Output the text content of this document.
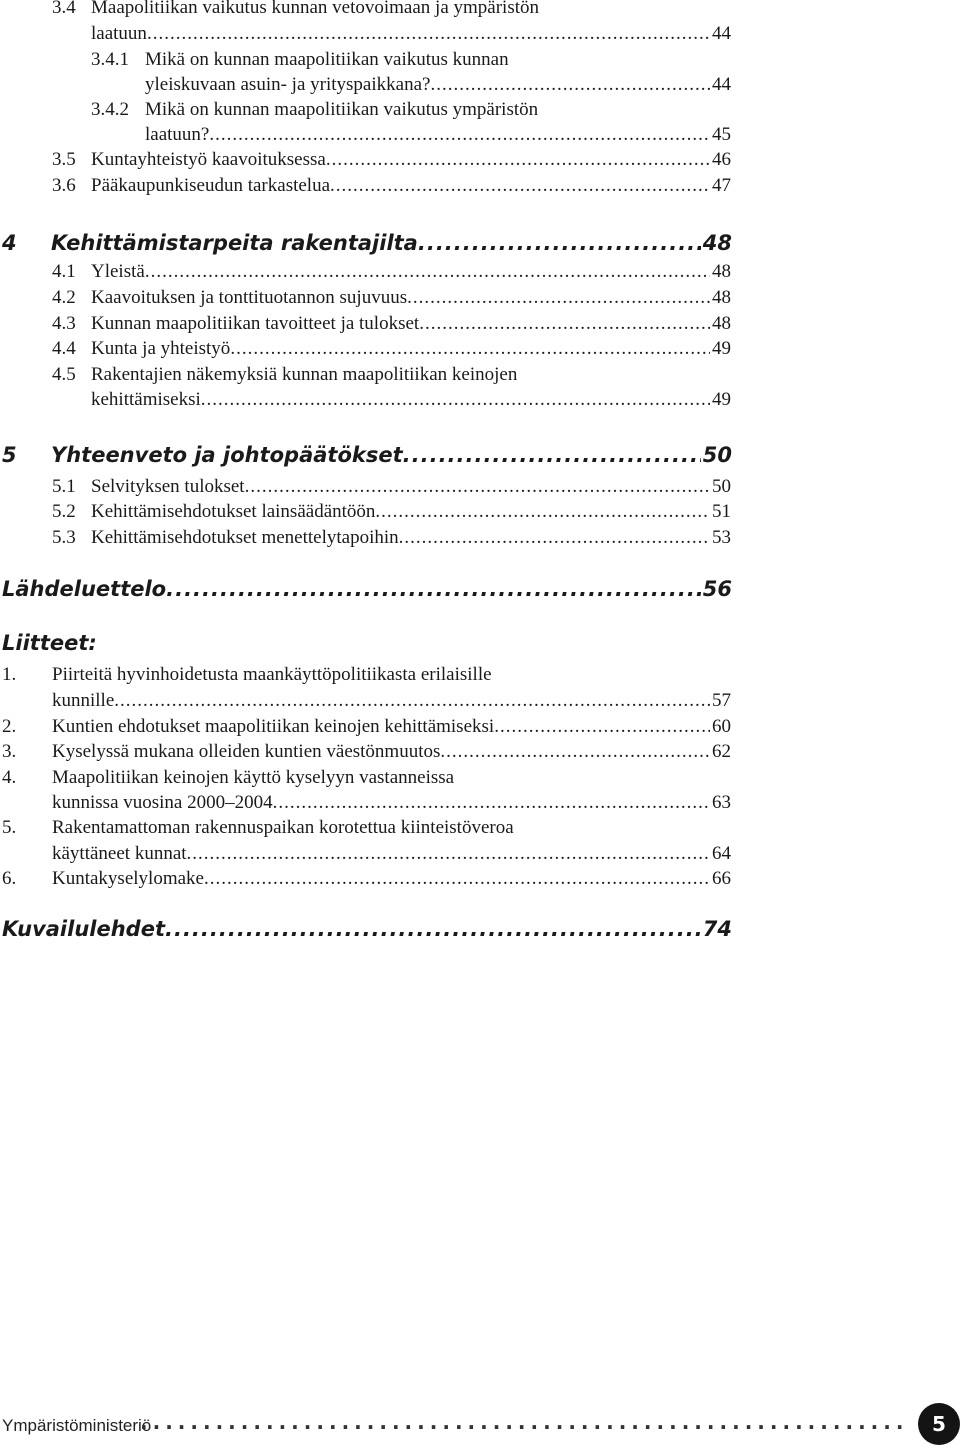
3.4 Maapolitiikan vaikutus kunnan vetovoimaan ja ympäristön
laatuun .....	44
3.4.1 Mikä on kunnan maapolitiikan vaikutus kunnan
yleiskuvaan asuin- ja yrityspaikkana? .....	44
3.4.2 Mikä on kunnan maapolitiikan vaikutus ympäristön
laatuun? .....	45
3.5 Kuntayhteistyö kaavoituksessa .....	46
3.6 Pääkaupunkiseudun tarkastelua .....	47
4 Kehittämistarpeita rakentajilta .....	48
4.1 Yleistä .....	48
4.2 Kaavoituksen ja tonttituotannon sujuvuus .....	48
4.3 Kunnan maapolitiikan tavoitteet ja tulokset .....	48
4.4 Kunta ja yhteistyö .....	49
4.5 Rakentajien näkemyksiä kunnan maapolitiikan keinojen
kehittämiseksi .....	49
5 Yhteenveto ja johtopäätökset .....	50
5.1 Selvityksen tulokset .....	50
5.2 Kehittämisehdotukset lainsäädäntöön .....	51
5.3 Kehittämisehdotukset menettelytapoihin .....	53
Lähdeluettelo .....	56
Liitteet:
1. Piirteitä hyvinhoidetusta maankäyttöpolitiikasta erilaisille
kunnille .....	57
2. Kuntien ehdotukset maapolitiikan keinojen kehittämiseksi .....	60
3. Kyselyssä mukana olleiden kuntien väestönmuutos .....	62
4. Maapolitiikan keinojen käyttö kyselyyn vastanneissa
kunnissa vuosina 2000–2004 .....	63
5. Rakentamattoman rakennuspaikan korotettua kiinteistöveroa
käyttäneet kunnat .....	64
6. Kuntakyselylomake .....	66
Kuvailulehdet .....	74
Ympäristöministeriö .....	5
